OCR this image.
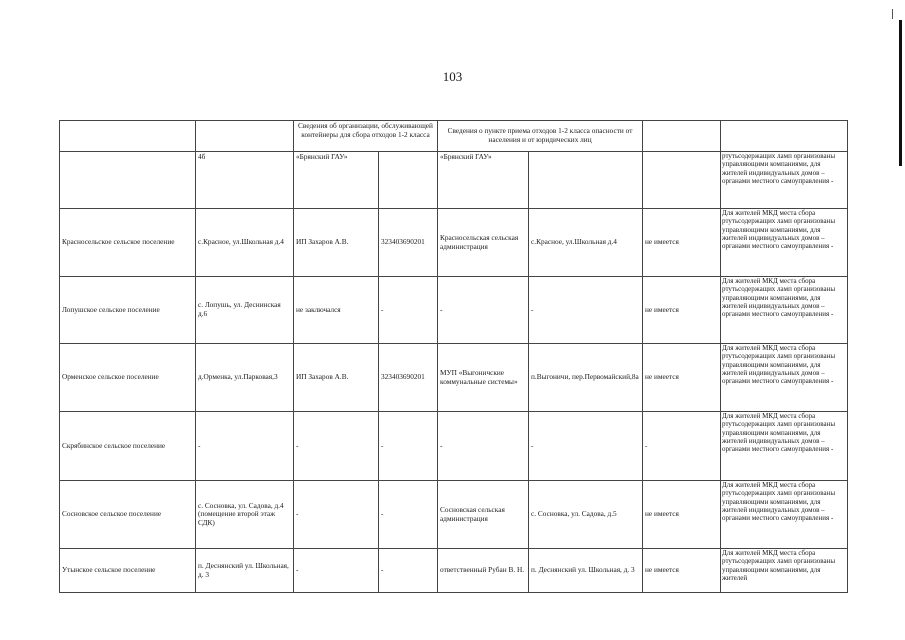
103
		Сведения об организации, обслуживающей контейнеры для сбора отходов 1-2 класса		Сведения о пункте приема отходов 1-2 класса опасности от населения и от юридических лиц			
	4б	«Брянский ГАУ»		«Брянский ГАУ»			ртутьсодержащих ламп организованы управляющими компаниями, для жителей индивидуальных домов – органами местного самоуправления -
Красносельское сельское поселение	с.Красное, ул.Школьная д.4	ИП Захаров А.В.	323403690201	Красносельская сельская администрация	с.Красное, ул.Школьная д.4	не имеется	Для жителей МКД места сбора ртутьсодержащих ламп организованы управляющими компаниями, для жителей индивидуальных домов – органами местного самоуправления -
Лопушское сельское поселение	с. Лопушь, ул. Деснинская д.6	не заключался	-	-	-	не имеется	Для жителей МКД места сбора ртутьсодержащих ламп организованы управляющими компаниями, для жителей индивидуальных домов – органами местного самоуправления -
Орменское сельское поселение	д.Орменка, ул.Парковая,3	ИП Захаров А.В.	323403690201	МУП «Выгоничские коммунальные системы»	п.Выгоничи, пер.Первомайский,8а	не имеется	Для жителей МКД места сбора ртутьсодержащих ламп организованы управляющими компаниями, для жителей индивидуальных домов – органами местного самоуправления -
Скрябинское сельское поселение	-	-	-	-	-	-	Для жителей МКД места сбора ртутьсодержащих ламп организованы управляющими компаниями, для жителей индивидуальных домов – органами местного самоуправления -
Сосновское сельское поселение	с. Сосновка, ул. Садова, д.4 (помещение второй этаж СДК)	-	-	Сосновская сельская администрация	с. Сосновка, ул. Садова, д.5	не имеется	Для жителей МКД места сбора ртутьсодержащих ламп организованы управляющими компаниями, для жителей индивидуальных домов – органами местного самоуправления -
Утынское сельское поселение	п. Деснянский ул. Школьная, д. 3	-	-	ответственный Рубан В. Н.	п. Деснянский ул. Школьная, д. 3	не имеется	Для жителей МКД места сбора ртутьсодержащих ламп организованы управляющими компаниями, для жителей
